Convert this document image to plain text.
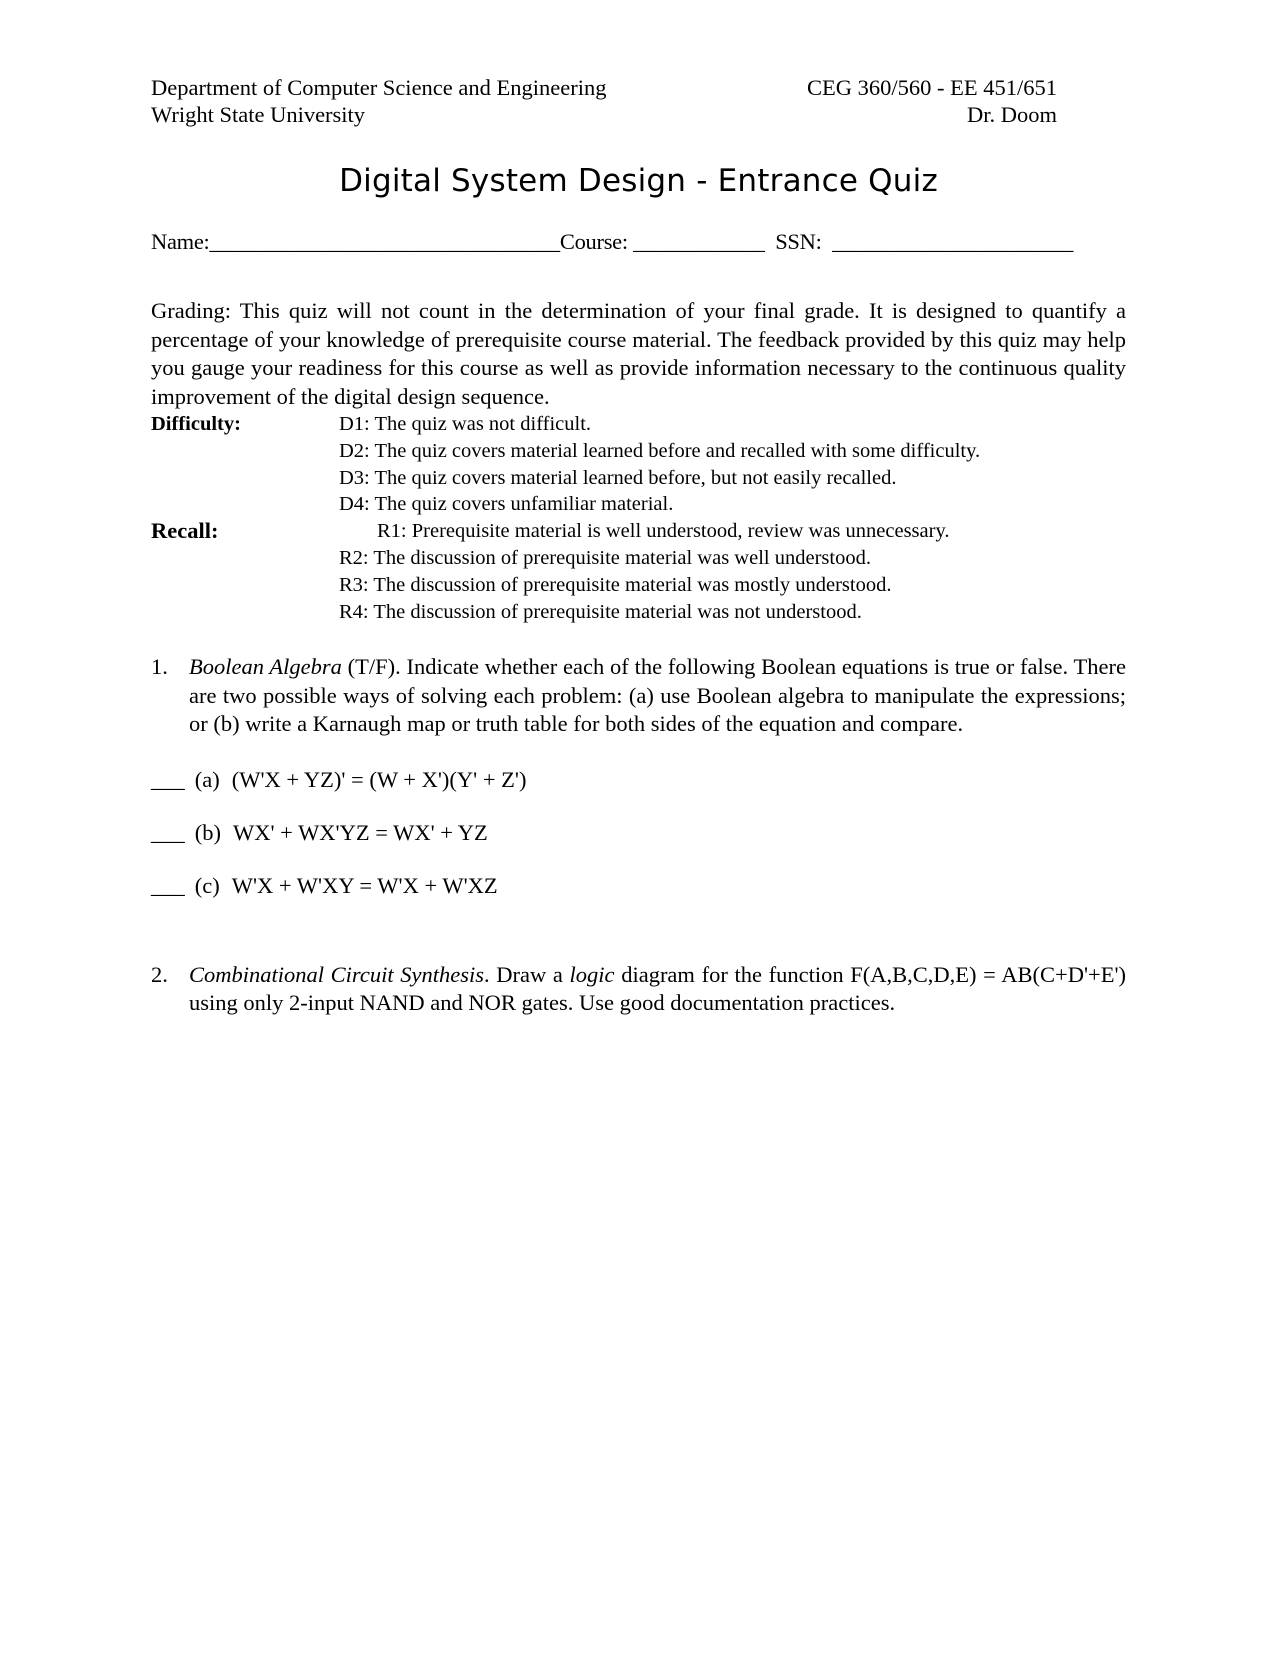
Department of Computer Science and Engineering	CEG 360/560 - EE 451/651
Wright State University	Dr. Doom
Digital System Design - Entrance Quiz
Name:________________________________Course: ____________ SSN: ______________________
Grading: This quiz will not count in the determination of your final grade. It is designed to quantify a percentage of your knowledge of prerequisite course material. The feedback provided by this quiz may help you gauge your readiness for this course as well as provide information necessary to the continuous quality improvement of the digital design sequence.
Difficulty:	D1: The quiz was not difficult.
D2: The quiz covers material learned before and recalled with some difficulty.
D3: The quiz covers material learned before, but not easily recalled.
D4: The quiz covers unfamiliar material.
Recall:	R1: Prerequisite material is well understood, review was unnecessary.
R2: The discussion of prerequisite material was well understood.
R3: The discussion of prerequisite material was mostly understood.
R4: The discussion of prerequisite material was not understood.
1. Boolean Algebra (T/F). Indicate whether each of the following Boolean equations is true or false. There are two possible ways of solving each problem: (a) use Boolean algebra to manipulate the expressions; or (b) write a Karnaugh map or truth table for both sides of the equation and compare.
___ (a) (W'X + YZ)' = (W + X')(Y' + Z')
___ (b) WX' + WX'YZ = WX' + YZ
___ (c) W'X + W'XY = W'X + W'XZ
2. Combinational Circuit Synthesis. Draw a logic diagram for the function F(A,B,C,D,E) = AB(C+D'+E') using only 2-input NAND and NOR gates. Use good documentation practices.
